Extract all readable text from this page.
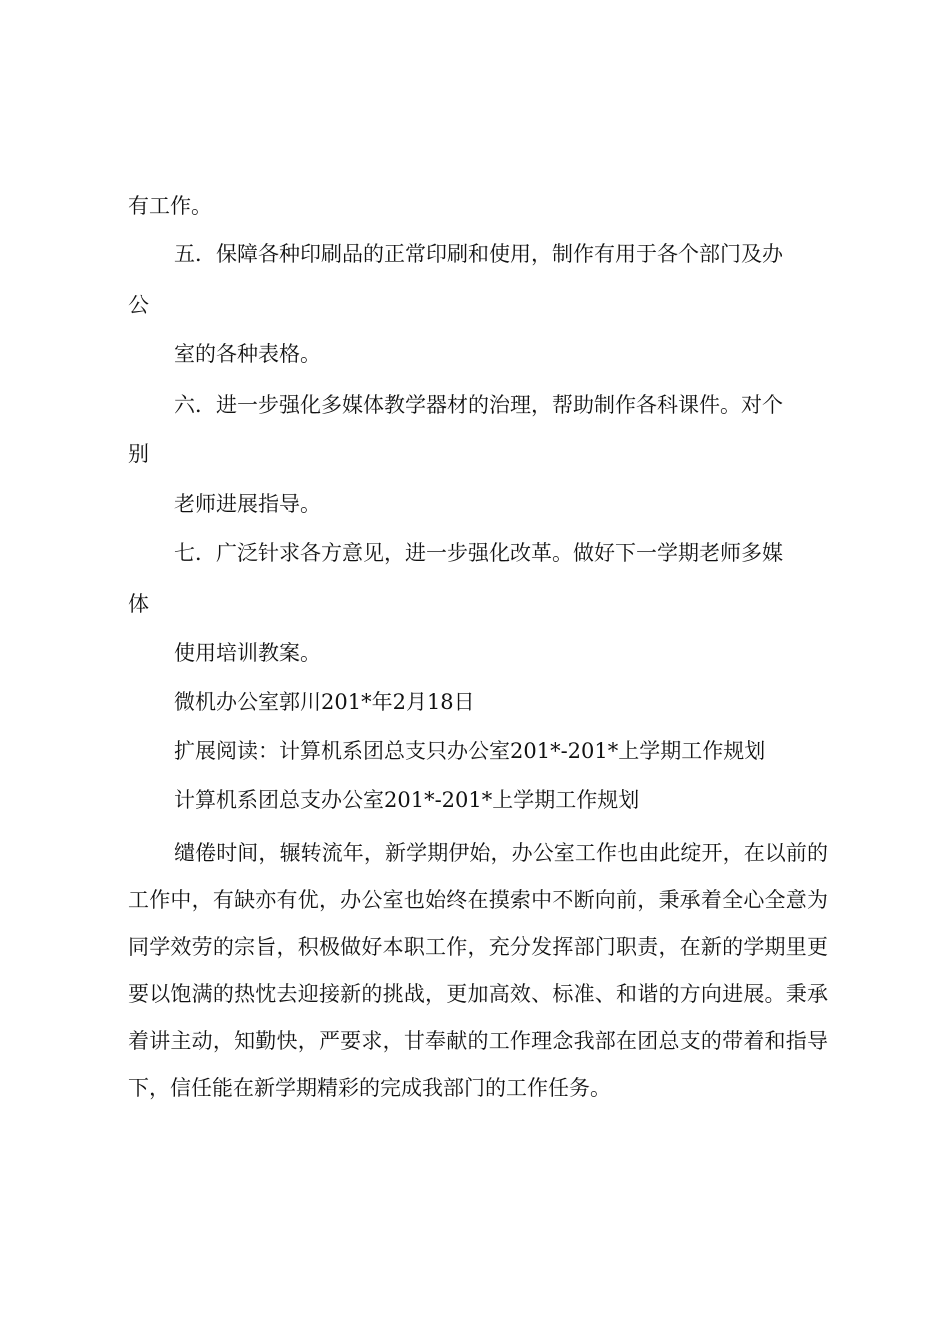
有工作。
五．保障各种印刷品的正常印刷和使用，制作有用于各个部门及办
公
室的各种表格。
六．进一步强化多媒体教学器材的治理，帮助制作各科课件。对个
别
老师进展指导。
七．广泛针求各方意见，进一步强化改革。做好下一学期老师多媒
体
使用培训教案。
微机办公室郭川201*年2月18日
扩展阅读：计算机系团总支只办公室201*-201*上学期工作规划
计算机系团总支办公室201*-201*上学期工作规划
缱倦时间，辗转流年，新学期伊始，办公室工作也由此绽开，在以前的工作中，有缺亦有优，办公室也始终在摸索中不断向前，秉承着全心全意为同学效劳的宗旨，积极做好本职工作，充分发挥部门职责，在新的学期里更要以饱满的热忱去迎接新的挑战，更加高效、标准、和谐的方向进展。秉承着讲主动，知勤快，严要求，甘奉献的工作理念我部在团总支的带着和指导下，信任能在新学期精彩的完成我部门的工作任务。
